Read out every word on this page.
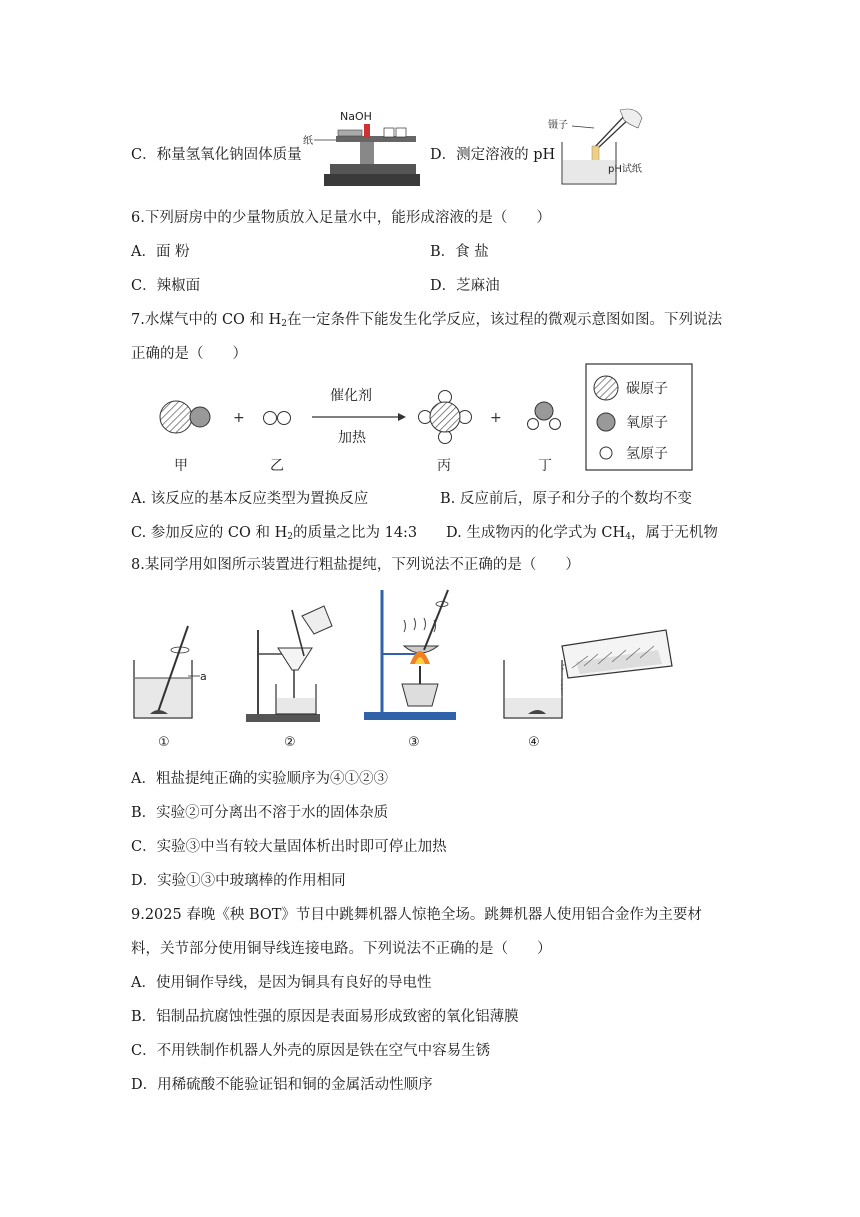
C．称量氢氧化钠固体质量
NaOH
纸
D．测定溶液的 pH
镊子
pH试纸
6.下列厨房中的少量物质放入足量水中，能形成溶液的是（　　）
A．面 粉	B．食 盐
C．辣椒面	D．芝麻油
7.水煤气中的 CO 和 $H_2$在一定条件下能发生化学反应，该过程的微观示意图如图。下列说法
正确的是（　　）
+
催化剂
加热
+
甲	乙	丙	丁
碳原子
氧原子
氢原子
A. 该反应的基本反应类型为置换反应	B. 反应前后，原子和分子的个数均不变
C. 参加反应的 CO 和 $H_2$的质量之比为 14:3 D. 生成物丙的化学式为 $CH_4$，属于无机物
8.某同学用如图所示装置进行粗盐提纯，下列说法不正确的是（　　）
a
①	②	③	④
A．粗盐提纯正确的实验顺序为④①②③
B．实验②可分离出不溶于水的固体杂质
C．实验③中当有较大量固体析出时即可停止加热
D．实验①③中玻璃棒的作用相同
9.2025 春晚《秧 BOT》节目中跳舞机器人惊艳全场。跳舞机器人使用铝合金作为主要材
料，关节部分使用铜导线连接电路。下列说法不正确的是（　　）
A．使用铜作导线，是因为铜具有良好的导电性
B．铝制品抗腐蚀性强的原因是表面易形成致密的氧化铝薄膜
C．不用铁制作机器人外壳的原因是铁在空气中容易生锈
D．用稀硫酸不能验证铝和铜的金属活动性顺序
